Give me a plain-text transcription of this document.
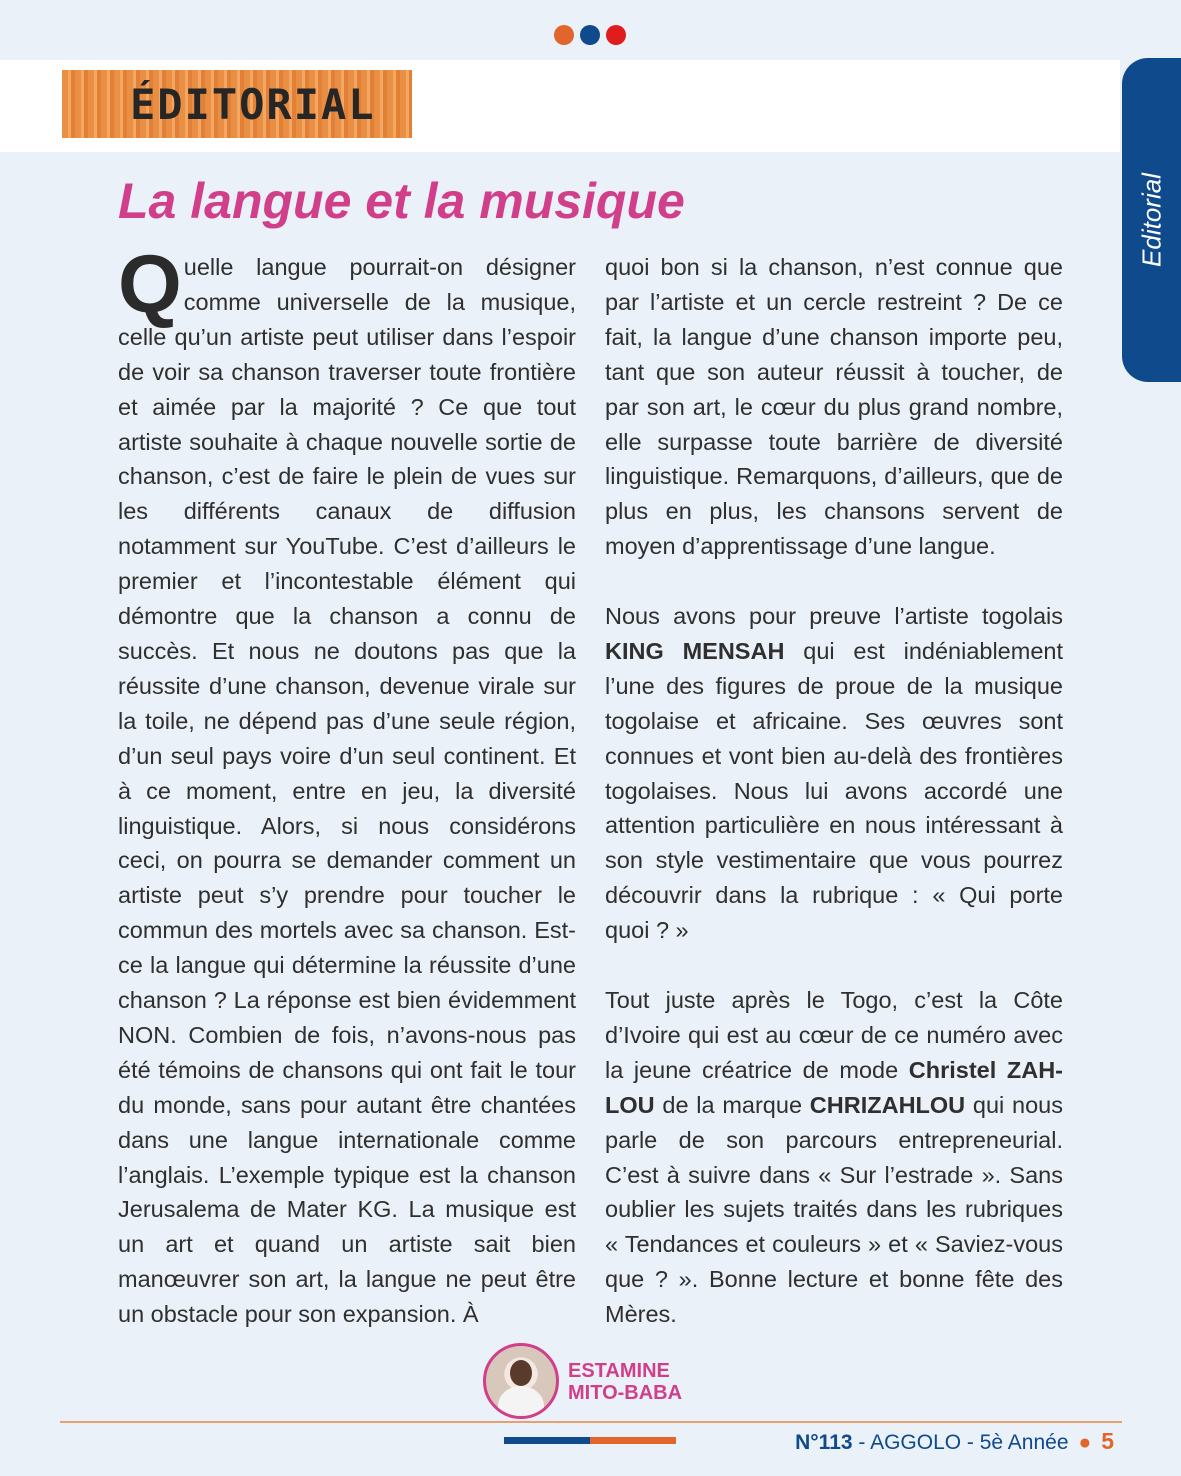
ÉDITORIAL
Editorial
La langue et la musique

Quelle langue pourrait-on désigner comme universelle de la musique, celle qu’un artiste peut utiliser dans l’espoir de voir sa chanson traverser toute frontière et aimée par la majorité ? Ce que tout artiste souhaite à chaque nouvelle sortie de chanson, c’est de faire le plein de vues sur les différents canaux de diffusion notamment sur YouTube. C’est d’ailleurs le premier et l’incontestable élément qui démontre que la chanson a connu de succès. Et nous ne doutons pas que la réussite d’une chanson, devenue virale sur la toile, ne dépend pas d’une seule région, d’un seul pays voire d’un seul continent. Et à ce moment, entre en jeu, la diversité linguistique. Alors, si nous considérons ceci, on pourra se demander comment un artiste peut s’y prendre pour toucher le commun des mortels avec sa chanson. Est-ce la langue qui détermine la réussite d’une chanson ? La réponse est bien évidemment NON. Combien de fois, n’avons-nous pas été témoins de chansons qui ont fait le tour du monde, sans pour autant être chantées dans une langue internationale comme l’anglais. L’exemple typique est la chanson Jerusalema de Mater KG. La musique est un art et quand un artiste sait bien manœuvrer son art, la langue ne peut être un obstacle pour son expansion. À

quoi bon si la chanson, n’est connue que par l’artiste et un cercle restreint ? De ce fait, la langue d’une chanson importe peu, tant que son auteur réussit à toucher, de par son art, le cœur du plus grand nombre, elle surpasse toute barrière de diversité linguistique. Remarquons, d’ailleurs, que de plus en plus, les chansons servent de moyen d’apprentissage d’une langue.

Nous avons pour preuve l’artiste togolais KING MENSAH qui est indéniablement l’une des figures de proue de la musique togolaise et africaine. Ses œuvres sont connues et vont bien au-delà des frontières togolaises. Nous lui avons accordé une attention particulière en nous intéressant à son style vestimentaire que vous pourrez découvrir dans la rubrique : « Qui porte quoi ? »

Tout juste après le Togo, c’est la Côte d’Ivoire qui est au cœur de ce numéro avec la jeune créatrice de mode Christel ZAH-LOU de la marque CHRIZAHLOU qui nous parle de son parcours entrepreneurial. C’est à suivre dans « Sur l’estrade ». Sans oublier les sujets traités dans les rubriques « Tendances et couleurs » et « Saviez-vous que ? ». Bonne lecture et bonne fête des Mères.

ESTAMINE
MITO-BABA
N°113 - AGGOLO - 5è Année ● 5
